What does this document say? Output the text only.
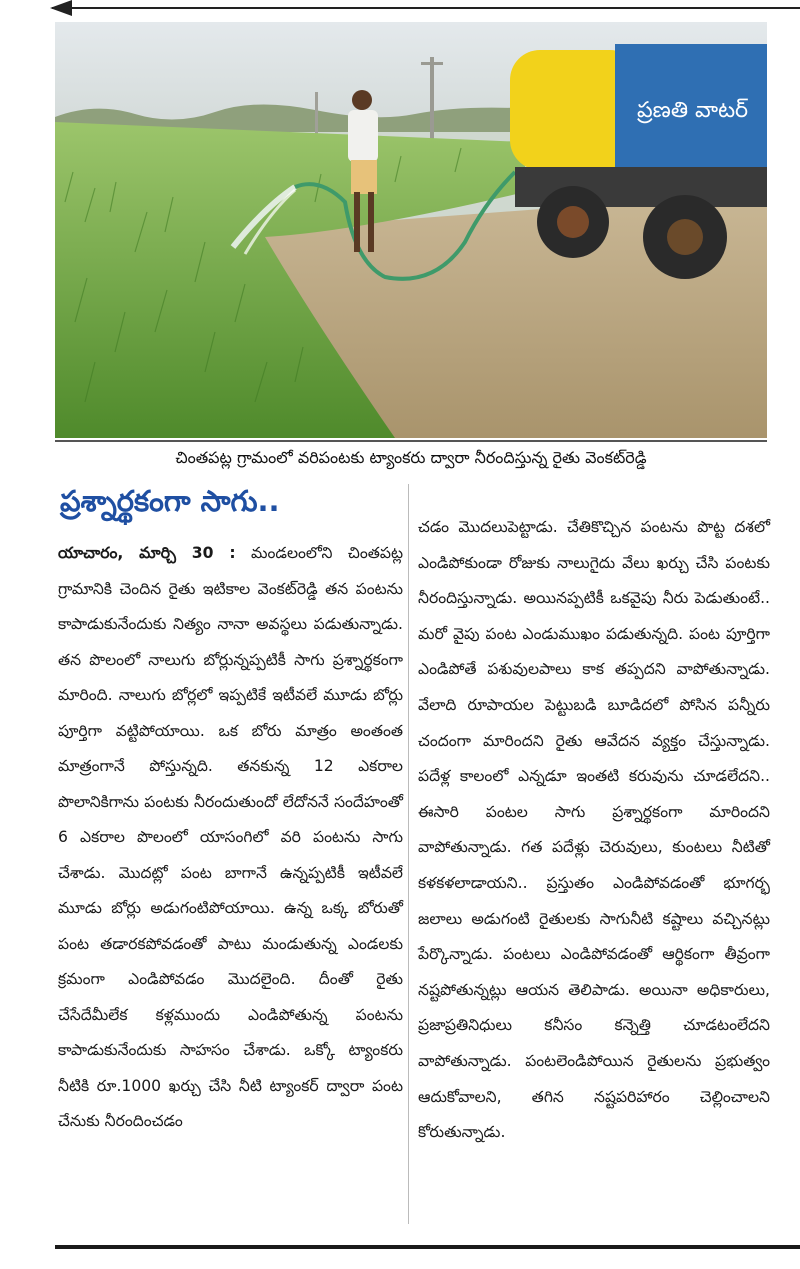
ప్రణతి వాటర్
చింతపట్ల గ్రామంలో వరిపంటకు ట్యాంకరు ద్వారా నీరందిస్తున్న రైతు వెంకట్‌రెడ్డి
ప్రశ్నార్థకంగా సాగు..

యాచారం, మార్చి 30 : మండలంలోని చింతపట్ల గ్రామానికి చెందిన రైతు ఇటికాల వెంకట్‌రెడ్డి తన పంటను కాపాడుకునేందుకు నిత్యం నానా అవస్థలు పడుతున్నాడు. తన పొలంలో నాలుగు బోర్లున్నప్పటికీ సాగు ప్రశ్నార్థకంగా మారింది. నాలుగు బోర్లలో ఇప్పటికే ఇటీవలే మూడు బోర్లు పూర్తిగా వట్టిపోయాయి. ఒక బోరు మాత్రం అంతంత మాత్రంగానే పోస్తున్నది. తనకున్న 12 ఎకరాల పొలానికిగాను పంటకు నీరందుతుందో లేదోననే సందేహంతో 6 ఎకరాల పొలంలో యాసంగిలో వరి పంటను సాగు చేశాడు. మొదట్లో పంట బాగానే ఉన్నప్పటికీ ఇటీవలే మూడు బోర్లు అడుగంటిపోయాయి. ఉన్న ఒక్క బోరుతో పంట తడారకపోవడంతో పాటు మండుతున్న ఎండలకు క్రమంగా ఎండిపోవడం మొదలైంది. దీంతో రైతు చేసేదేమీలేక కళ్లముందు ఎండిపోతున్న పంటను కాపాడుకునేందుకు సాహసం చేశాడు. ఒక్కో ట్యాంకరు నీటికి రూ.1000 ఖర్చు చేసి నీటి ట్యాంకర్ ద్వారా పంట చేనుకు నీరందించడం

చడం మొదలుపెట్టాడు. చేతికొచ్చిన పంటను పొట్ట దశలో ఎండిపోకుండా రోజుకు నాలుగైదు వేలు ఖర్చు చేసి పంటకు నీరందిస్తున్నాడు. అయినప్పటికీ ఒకవైపు నీరు పెడుతుంటే.. మరో వైపు పంట ఎండుముఖం పడుతున్నది. పంట పూర్తిగా ఎండిపోతే పశువులపాలు కాక తప్పదని వాపోతున్నాడు. వేలాది రూపాయల పెట్టుబడి బూడిదలో పోసిన పన్నీరు చందంగా మారిందని రైతు ఆవేదన వ్యక్తం చేస్తున్నాడు. పదేళ్ల కాలంలో ఎన్నడూ ఇంతటి కరువును చూడలేదని.. ఈసారి పంటల సాగు ప్రశ్నార్థకంగా మారిందని వాపోతున్నాడు. గత పదేళ్లు చెరువులు, కుంటలు నీటితో కళకళలాడాయని.. ప్రస్తుతం ఎండిపోవడంతో భూగర్భ జలాలు అడుగంటి రైతులకు సాగునీటి కష్టాలు వచ్చినట్లు పేర్కొన్నాడు. పంటలు ఎండిపోవడంతో ఆర్థికంగా తీవ్రంగా నష్టపోతున్నట్లు ఆయన తెలిపాడు. అయినా అధికారులు, ప్రజాప్రతినిధులు కనీసం కన్నెత్తి చూడటంలేదని వాపోతున్నాడు. పంటలెండిపోయిన రైతులను ప్రభుత్వం ఆదుకోవాలని, తగిన నష్టపరిహారం చెల్లించాలని కోరుతున్నాడు.
